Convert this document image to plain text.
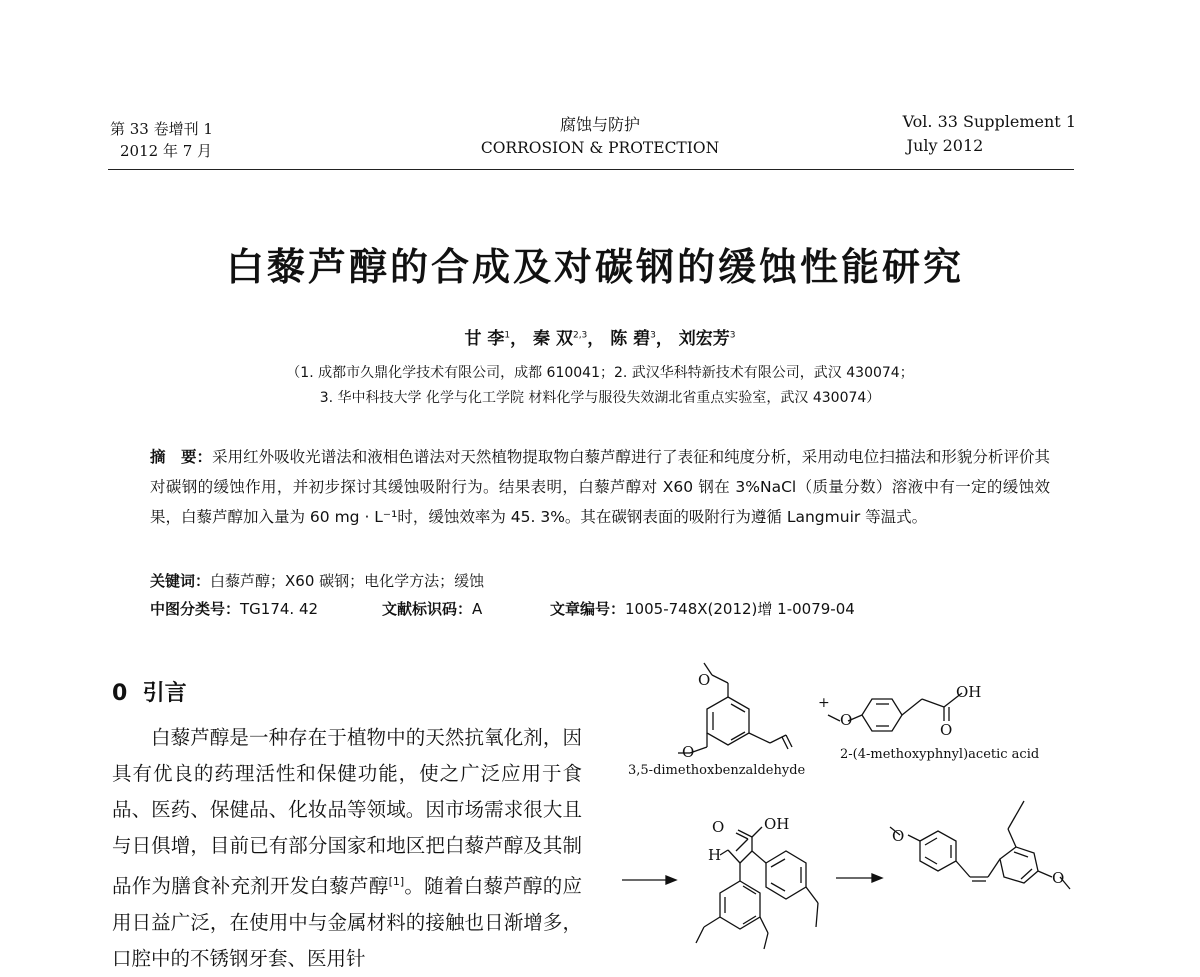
第 33 卷增刊 1
2012 年 7 月
腐蚀与防护
CORROSION & PROTECTION
Vol. 33 Supplement 1
July 2012
白藜芦醇的合成及对碳钢的缓蚀性能研究
甘 李$^1$， 秦 双$^{2,3}$， 陈 碧$^3$， 刘宏芳$^3$
（1. 成都市久鼎化学技术有限公司，成都 610041；2. 武汉华科特新技术有限公司，武汉 430074；
3. 华中科技大学 化学与化工学院 材料化学与服役失效湖北省重点实验室，武汉 430074）
摘　要：采用红外吸收光谱法和液相色谱法对天然植物提取物白藜芦醇进行了表征和纯度分析，采用动电位扫描法和形貌分析评价其对碳钢的缓蚀作用，并初步探讨其缓蚀吸附行为。结果表明，白藜芦醇对 X60 钢在 3%NaCl（质量分数）溶液中有一定的缓蚀效果，白藜芦醇加入量为 60 mg · L⁻¹时，缓蚀效率为 45. 3%。其在碳钢表面的吸附行为遵循 Langmuir 等温式。
关键词：白藜芦醇；X60 碳钢；电化学方法；缓蚀
中图分类号：TG174. 42	文献标识码：A	文章编号：1005-748X(2012)增 1-0079-04
0 引言

白藜芦醇是一种存在于植物中的天然抗氧化剂，因具有优良的药理活性和保健功能，使之广泛应用于食品、医药、保健品、化妆品等领域。因市场需求很大且与日俱增，目前已有部分国家和地区把白藜芦醇及其制品作为膳食补充剂开发白藜芦醇[1]。随着白藜芦醇的应用日益广泛，在使用中与金属材料的接触也日渐增多，口腔中的不锈钢牙套、医用针

+
O
O
O
OH
O
3,5-dimethoxbenzaldehyde
2-(4-methoxyphnyl)acetic acid
O	OH
H
O
O
